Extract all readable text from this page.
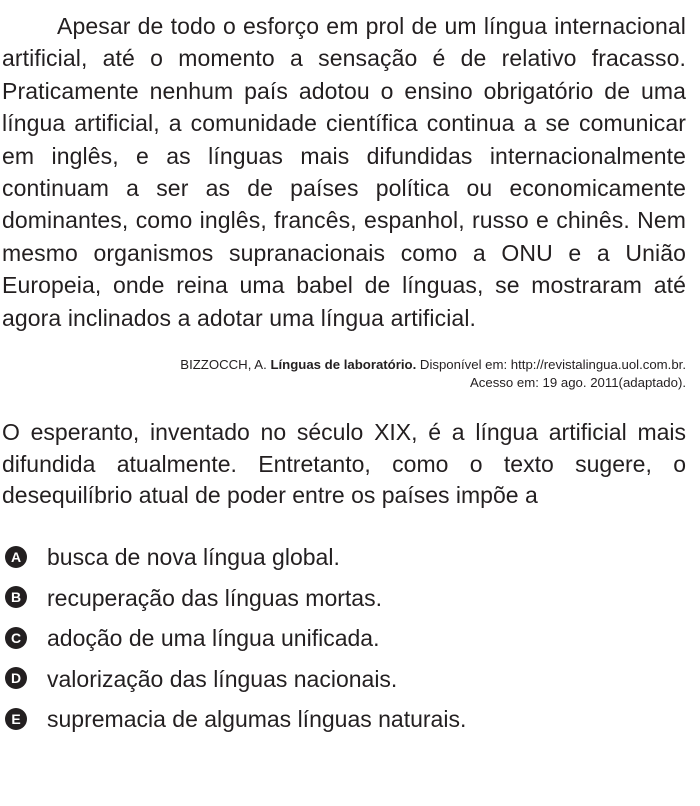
Apesar de todo o esforço em prol de um língua internacional artificial, até o momento a sensação é de relativo fracasso. Praticamente nenhum país adotou o ensino obrigatório de uma língua artificial, a comunidade científica continua a se comunicar em inglês, e as línguas mais difundidas internacionalmente continuam a ser as de países política ou economicamente dominantes, como inglês, francês, espanhol, russo e chinês. Nem mesmo organismos supranacionais como a ONU e a União Europeia, onde reina uma babel de línguas, se mostraram até agora inclinados a adotar uma língua artificial.

BIZZOCCH, A. Línguas de laboratório. Disponível em: http://revistalingua.uol.com.br.
Acesso em: 19 ago. 2011(adaptado).

O esperanto, inventado no século XIX, é a língua artificial mais difundida atualmente. Entretanto, como o texto sugere, o desequilíbrio atual de poder entre os países impõe a

A busca de nova língua global.
B recuperação das línguas mortas.
C adoção de uma língua unificada.
D valorização das línguas nacionais.
E supremacia de algumas línguas naturais.
